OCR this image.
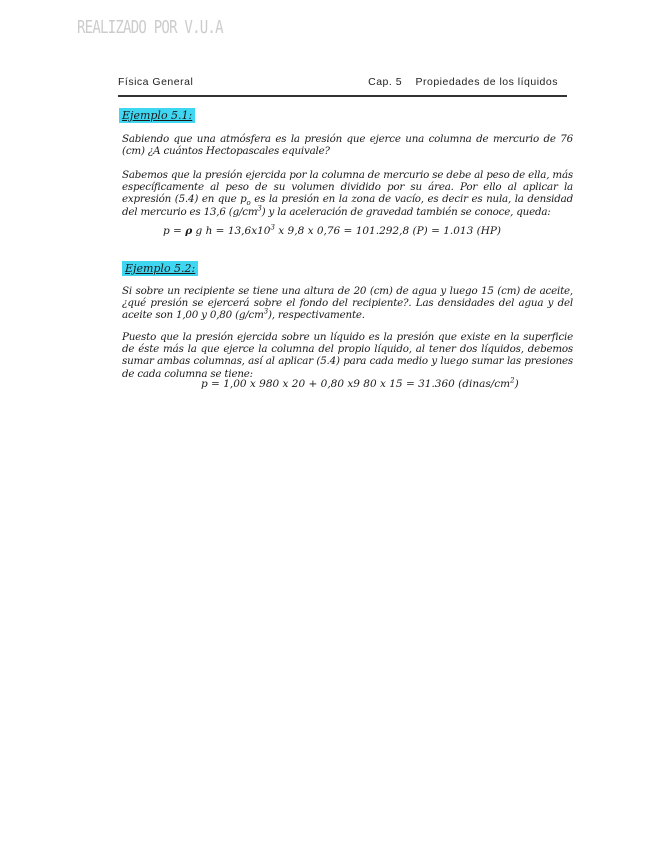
REALIZADO POR V.U.A
Física General	Cap. 5 Propiedades de los líquidos
Ejemplo 5.1:

Sabiendo que una atmósfera es la presión que ejerce una columna de mercurio de 76 (cm) ¿A cuántos Hectopascales equivale?

Sabemos que la presión ejercida por la columna de mercurio se debe al peso de ella, más específicamente al peso de su volumen dividido por su área. Por ello al aplicar la expresión (5.4) en que $p_o$ es la presión en la zona de vacío, es decir es nula, la densidad del mercurio es 13,6 $(g/cm^3)$ y la aceleración de gravedad también se conoce, queda:

p = ρ g $h = 13,6x10^3$ x 9,8 x 0,76 = 101.292,8 (P) = 1.013 (HP)

Ejemplo 5.2:

Si sobre un recipiente se tiene una altura de 20 (cm) de agua y luego 15 (cm) de aceite, ¿qué presión se ejercerá sobre el fondo del recipiente?. Las densidades del agua y del aceite son 1,00 y 0,80 $(g/cm^3)$, respectivamente.

Puesto que la presión ejercida sobre un líquido es la presión que existe en la superficie de éste más la que ejerce la columna del propio líquido, al tener dos líquidos, debemos sumar ambas columnas, así al aplicar (5.4) para cada medio y luego sumar las presiones de cada columna se tiene:

p = 1,00 x 980 x 20 + 0,80 x9 80 x 15 = 31.360 $(dinas/cm^2)$
